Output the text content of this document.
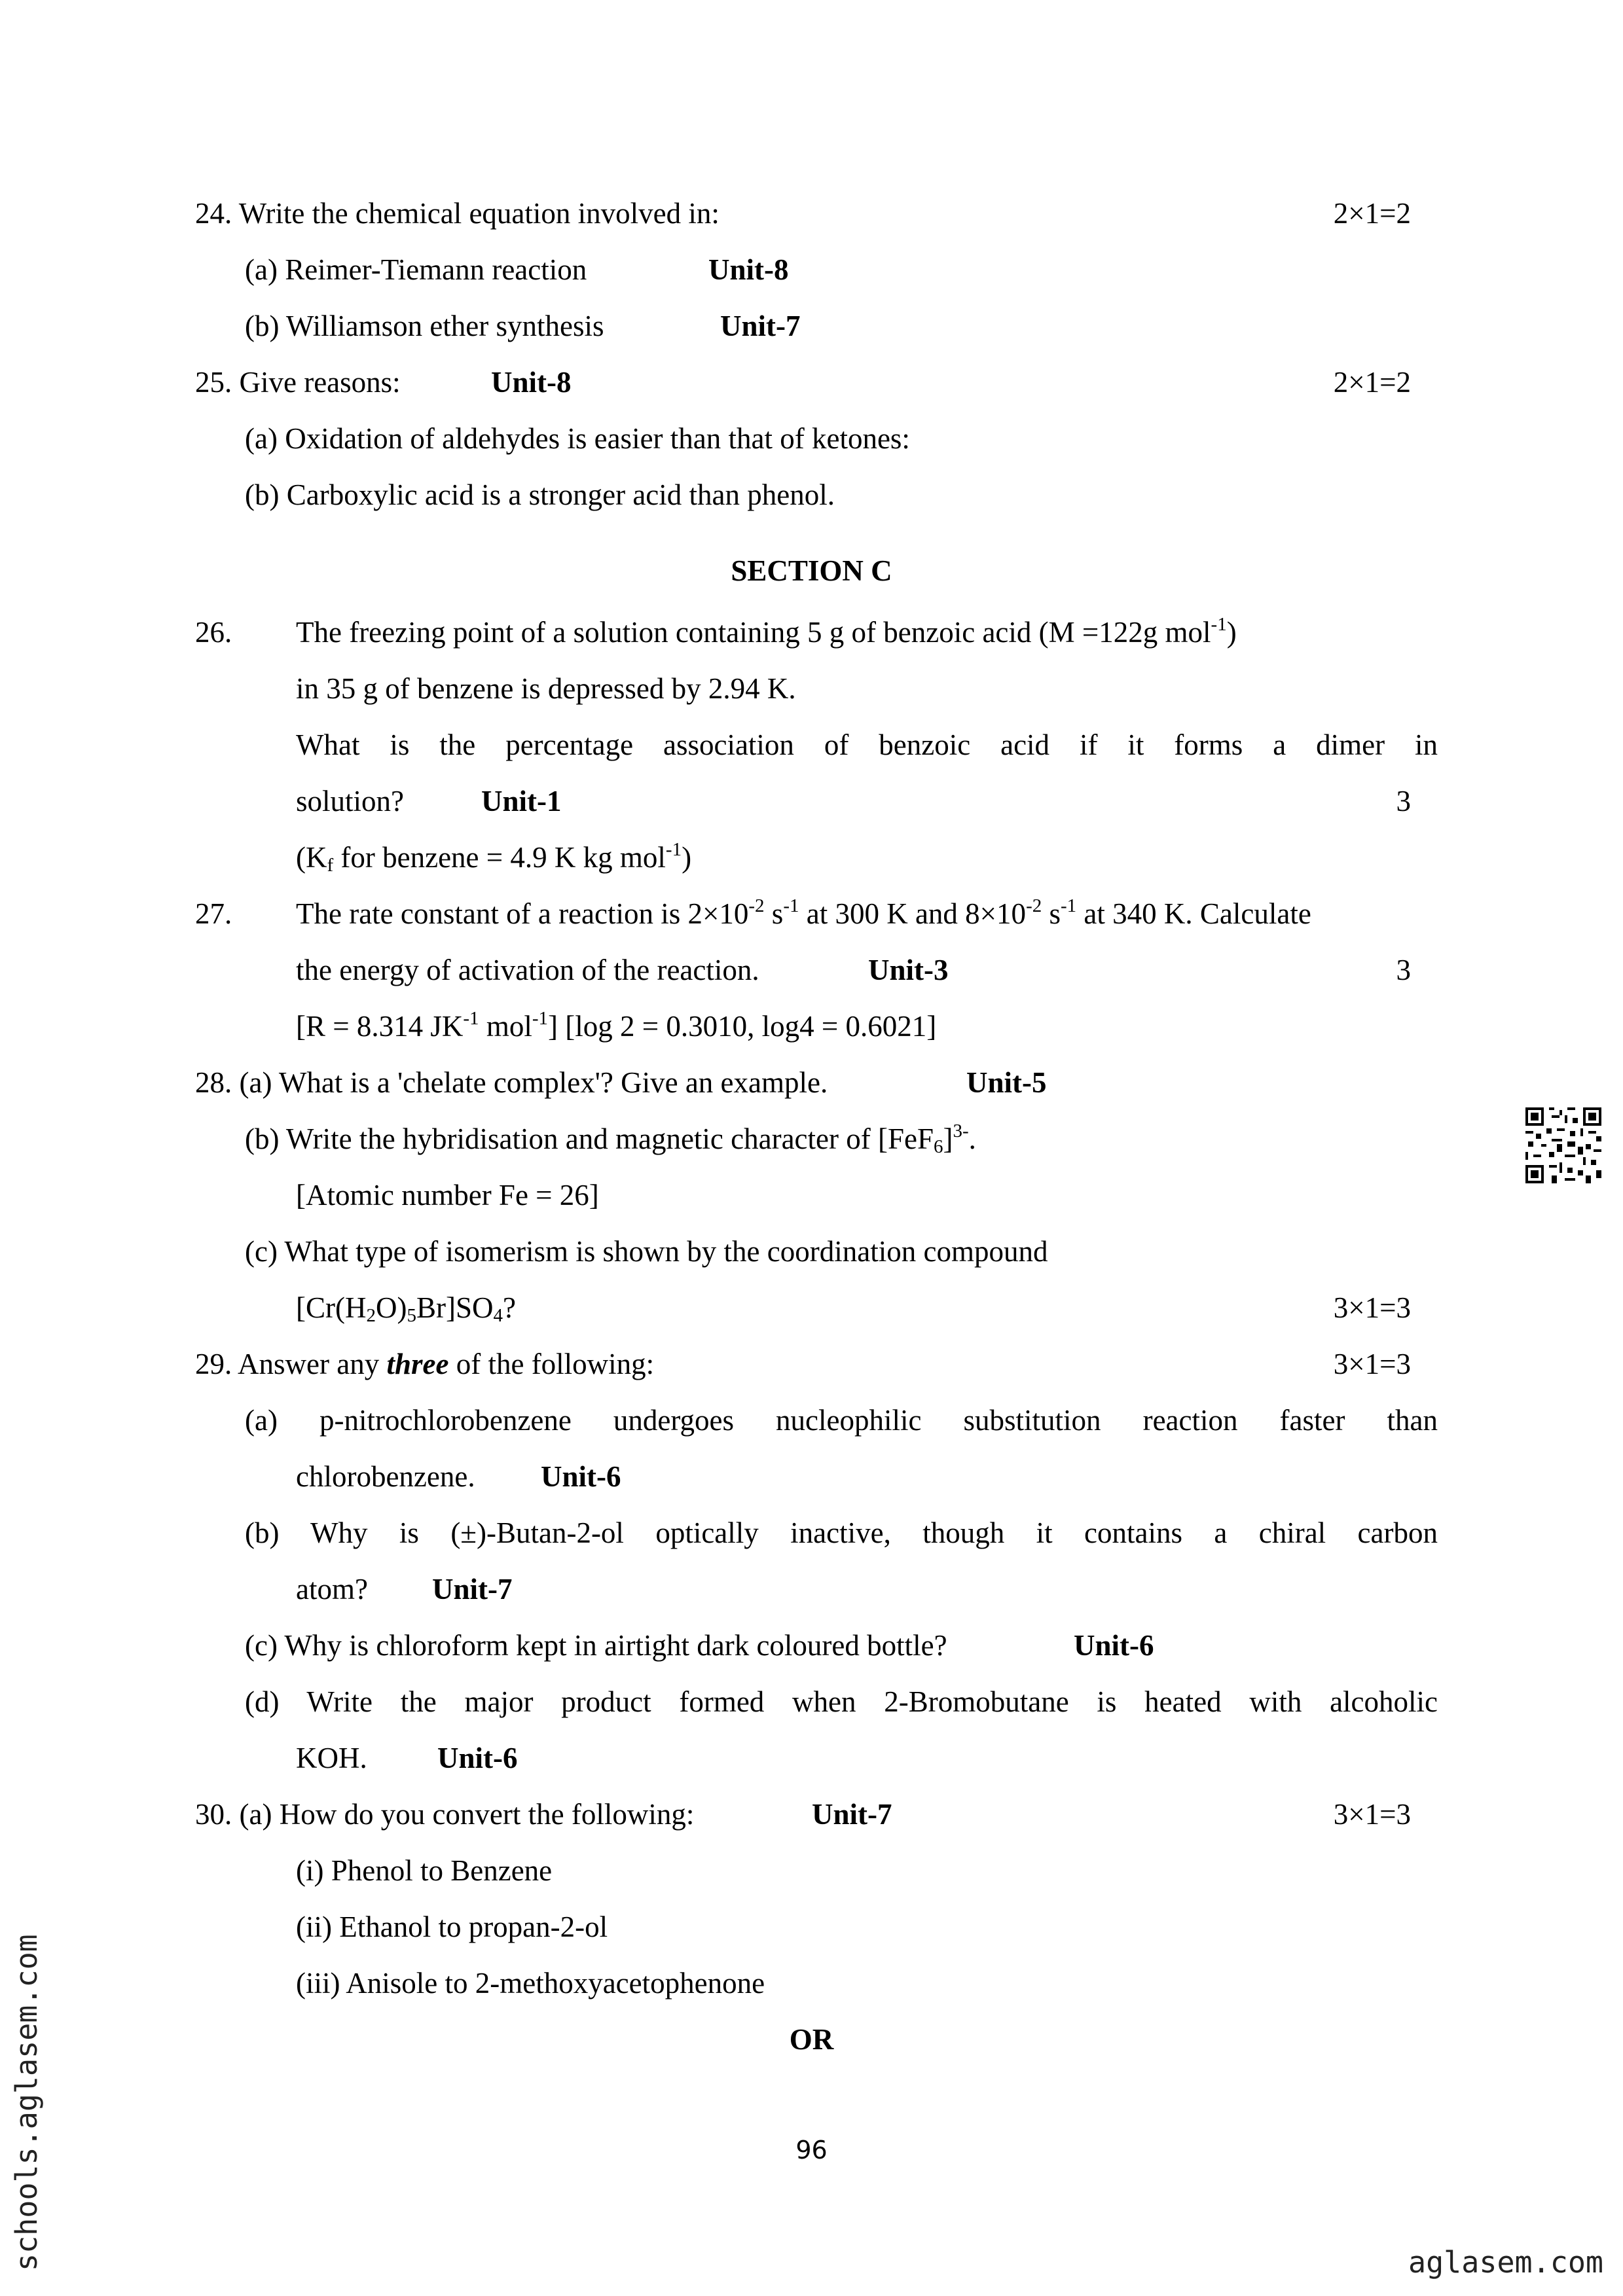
24. Write the chemical equation involved in:	2×1=2
(a) Reimer-Tiemann reaction	Unit-8
(b) Williamson ether synthesis	Unit-7
25. Give reasons:	Unit-8	2×1=2
(a) Oxidation of aldehydes is easier than that of ketones:
(b) Carboxylic acid is a stronger acid than phenol.
SECTION C
26. The freezing point of a solution containing 5 g of benzoic acid (M =122g mol$^{-1}$)
in 35 g of benzene is depressed by 2.94 K.
What is the percentage association of benzoic acid if it forms a dimer in
solution?	Unit-1	3
($K_f$ for benzene = 4.9 K kg mol$^{-1}$)
27. The rate constant of a reaction is $2\times 10^{-2}$ $s^{-1}$ at 300 K and $8\times 10^{-2}$ $s^{-1}$ at 340 K. Calculate
the energy of activation of the reaction.	Unit-3	3
[R = 8.314 $JK^{-1}$ mol$^{-1}$] [log 2 = 0.3010, log4 = 0.6021]
28. (a) What is a 'chelate complex'? Give an example.	Unit-5
(b) Write the hybridisation and magnetic character of $[FeF_6]^{3-}$.
[Atomic number Fe = 26]
(c) What type of isomerism is shown by the coordination compound
$[Cr(H_2O)_5Br]SO_4$?	3×1=3
29. Answer any three of the following:	3×1=3
(a) p-nitrochlorobenzene undergoes nucleophilic substitution reaction faster than
chlorobenzene. Unit-6
(b) Why is (±)-Butan-2-ol optically inactive, though it contains a chiral carbon
atom? Unit-7
(c) Why is chloroform kept in airtight dark coloured bottle?	Unit-6
(d) Write the major product formed when 2-Bromobutane is heated with alcoholic
KOH. Unit-6
30. (a) How do you convert the following:	Unit-7	3×1=3
(i) Phenol to Benzene
(ii) Ethanol to propan-2-ol
(iii) Anisole to 2-methoxyacetophenone
OR
96
aglasem.com
schools.aglasem.com
